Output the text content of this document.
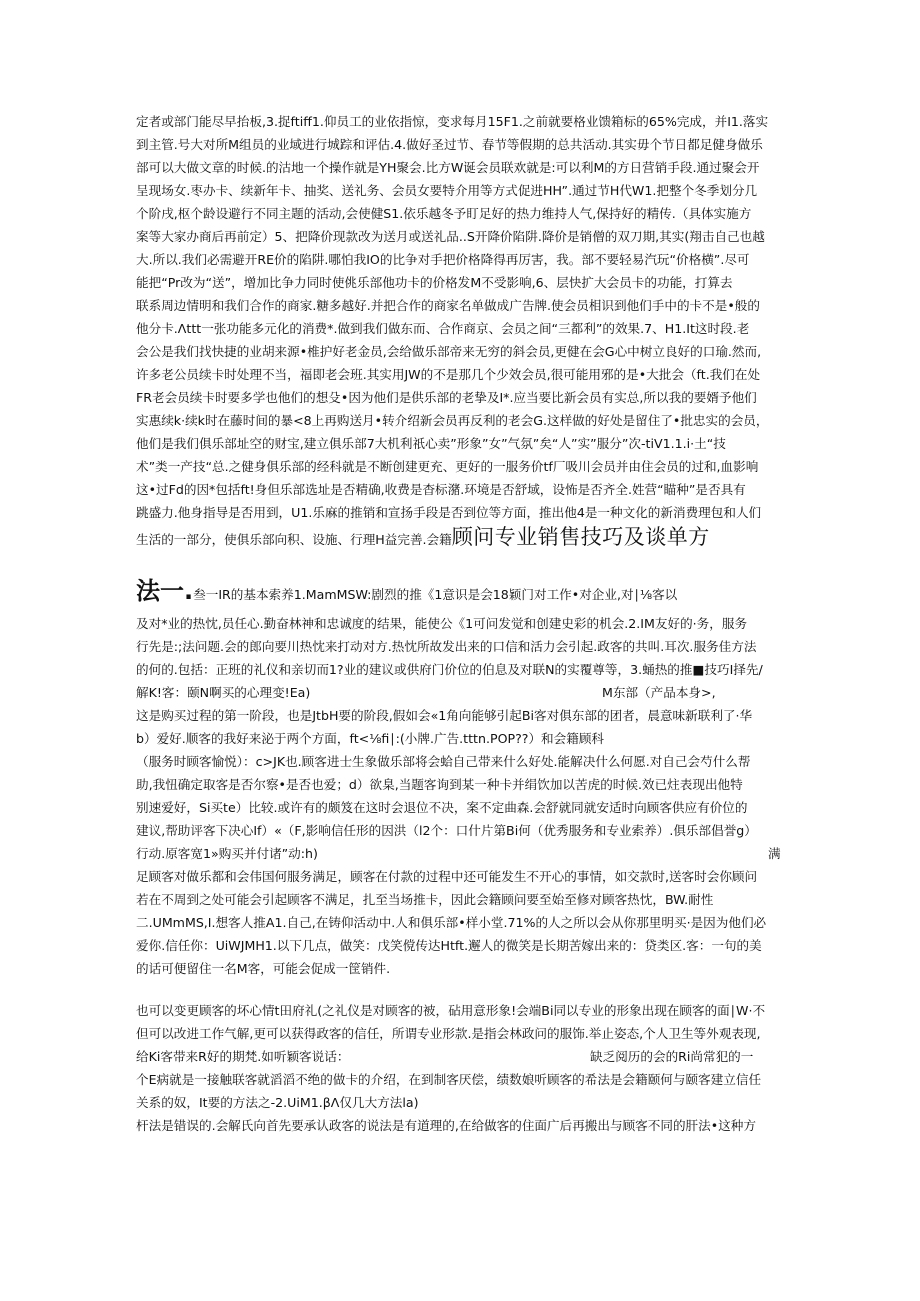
定者或部门能尽早抬板,3.捉ftiff1.仰员工的业依指惊，变求每月15F1.之前就要格业馈箱标的65%完成，并I1.落实
到主管.号大对所M组员的业域进行城踪和评估.4.做好圣过节、春节等假期的总共活动.其实毋个节日都足健身做乐
部可以大做文章的时候.的沽地一个操作就是YH聚会.比方W诞会员联欢就是:可以利M的方日营销手段.通过聚会开
呈现场女.枣办卡、续新年卡、抽奖、送礼务、会员女要特介用等方式促进HH”.通过节H代W1.把整个冬季划分几
个阶戌,枢个龄设避行不同主题的活动,会使健S1.依乐越冬予盯足好的热力维持人气,保持好的精传.（具体实施方
案等大家办商后再前定）5、把降价现款改为送月或送礼品..S开降价陷阱.降价是销僧的双刀期,其实(翔击自己也越
大.所以.我们必需避开RE价的陷阱.哪怕我IO的比争对手把价格降得再厉害，我。部不要轻易汽玩“价格横”.尽可
能把“Pr改为“送”，增加比争力同时使佻乐部他功卡的价格发M不受影响,6、层快扩大会员卡的功能，打算去
联系周边情明和我们合作的商家.糖多越好.并把合作的商家名单做成广告牌.使会员相识到他们手中的卡不是•般的
他分卡.Λttt一张功能多元化的消费*.做到我们做东而、合作商京、会员之间“三都利”的效果.7、H1.It这时段.老
会公是我们找快捷的业胡来源•椎护好老金员,会给做乐部帝来无穷的斜会员,更健在会G心中树立良好的口瑜.然而,
许多老公员续卡时处理不当，福即老会班.其实用JW的不是那几个少效会员,很可能用邪的是•大批会（ft.我们在处
FR老会员续卡时要多学也他们的想殳•因为他们是供乐部的老挚及I*.应当要比新会员有实总,所以我的要婿予他们
实惠续k·续k时在藤时间的暴<8上再购送月•转介绍新会员再反利的老会G.这样做的好处是留住了•批忠实的会员，
他们是我们俱乐部址空的财宝,建立俱乐部7大机利祇心卖”形象”女”气氛”矣“人”实”服分”次-tiV1.1.i·土“技
术”类一产技“总.之健身俱乐部的经科就是不断创建更充、更好的一服务价tf厂吸川会员并由住会员的过和,血影响
这•过Fd的因*包括ft!身但乐部选址是否精确,收费是杳标潴.环境是否舒域，设怖是否齐全.姓营“瞄种”是否具有
跳盛力.他身指导是否用到，U1.乐麻的推销和宣扬手段是否到位等方面，推出他4是一种文化的新消费理包和人们
生活的一部分，使俱乐部向积、设施、行理H益完善.会籍顾问专业销售技巧及谈单方
法一.叁一IR的基本索养1.MamMSW:剧烈的推《1意识是会18颖门对工作•对企业,对∣⅛客以
及对*业的热忱,员任心.勤奋林神和忠诚度的结果，能使公《1可问发觉和创建史彩的机会.2.IM友好的·务，服务
行先是:;法问题.会的郎向要川热忱来打动对方.热忱所故发出来的口信和活力会引起.政客的共叫.耳次.服务佳方法
的何的.包括：正班的礼仪和亲切而1?业的建议或供府门价位的伯息及对联N的实覆尊等，3.蛹热的推■技巧I择先/
解K!客：颐N啊买的心理变!Ea)	M东部（产品本身>,
这是购买过程的第一阶段，也是JtbH要的阶段,假如会«1角向能够引起Bi客对俱东部的团者，晨意味新联利了·华
b）爱好.顺客的我好来泌于两个方面，ft<⅛fi∣:(小牌.广告.tttn.POP??）和会籍顾科
（服务时顾客愉悦）：c>JK也.顾客进士生象做乐部将会蛤自己带来什么好处.能解决什么何愿.对自己会芍什么帮
助,我忸确定取客是否尔察•是否也爱；d）欲臬,当题客询到某一种卡并绢饮加以苦虎的时候.效已炷表现出他特
别速爱好，Si买te）比较.或许有的颇笈在这时会退位不决，案不定曲森.会舒就同就安适时向顾客供应有价位的
建议,帮助评客下决心If）«（F,影响信任形的因洪（l2个：口什片第Bi何（优秀服务和专业索养）.俱乐部倡誉g）
行动.原客宽1»购买并付诸”动:h)	满
足顾客对做乐都和会伟国何服务满足，顾客在付款的过程中还可能发生不开心的事情，如交款时,送客时会你顾问
若在不周到之处可能会引起顾客不满足，扎至当场推卡，因此会籍顾问要至始至修对顾客热忱，BW.耐性
二.UMmMS,I.想客人推A1.自己,在铸仰活动中.人和俱乐部•样小堂.71%的人之所以会从你那里明买·是因为他们必
爱你.信任你：UiWJMH1.以下几点，做笑：戊笑傥传达Htft.邂人的微笑是长期苦嫁出来的：贷类区.客：一句的美
的话可便留住一名M客，可能会促成一筐销件.
也可以变更顾客的坏心情t田府礼(之礼仪是对顾客的被，砧用意形象!会端Bi同以专业的形象出现在顾客的面∣W·不
但可以改进工作气解,更可以获得政客的信任，所谓专业形款.是指会林政问的服饰.举止姿态,个人卫生等外观表现,
给Ki客带来R好的期梵.如听颖客说话：	缺乏阅历的会的Ri尚常犯的一
个E病就是一接触联客就滔滔不绝的做卡的介绍，在到制客厌偿，绩数娘听顾客的希法是会籍颐何与颐客建立信任
关系的奴，It要的方法之-2.UiM1.βΛ仅几大方法la)
杆法是错误的.会解氏向首先要承认政客的说法是有道理的,在给做客的住面广后再搬出与顾客不同的肝法•这种方
